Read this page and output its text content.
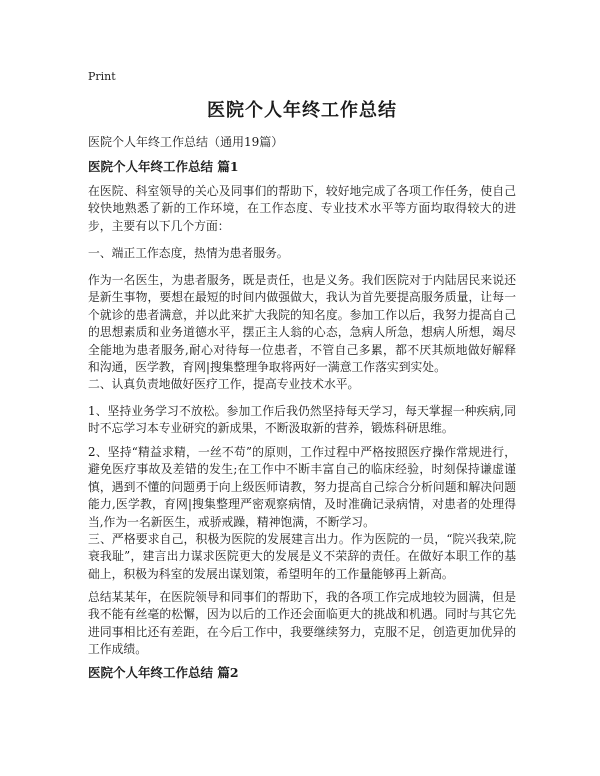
Print
医院个人年终工作总结
医院个人年终工作总结（通用19篇）

医院个人年终工作总结 篇1

在医院、科室领导的关心及同事们的帮助下，较好地完成了各项工作任务，使自己较快地熟悉了新的工作环境，在工作态度、专业技术水平等方面均取得较大的进步，主要有以下几个方面：

一、端正工作态度，热情为患者服务。

作为一名医生，为患者服务，既是责任，也是义务。我们医院对于内陆居民来说还是新生事物，要想在最短的时间内做强做大，我认为首先要提高服务质量，让每一个就诊的患者满意，并以此来扩大我院的知名度。参加工作以后，我努力提高自己的思想素质和业务道德水平，摆正主人翁的心态，急病人所急，想病人所想，竭尽全能地为患者服务,耐心对待每一位患者，不管自己多累，都不厌其烦地做好解释和沟通，医学教，育网|搜集整理争取将两好一满意工作落实到实处。

二、认真负责地做好医疗工作，提高专业技术水平。

1、坚持业务学习不放松。参加工作后我仍然坚持每天学习，每天掌握一种疾病,同时不忘学习本专业研究的新成果，不断汲取新的营养，锻炼科研思维。

2、坚持“精益求精，一丝不苟”的原则，工作过程中严格按照医疗操作常规进行，避免医疗事故及差错的发生;在工作中不断丰富自己的临床经验，时刻保持谦虚谨慎，遇到不懂的问题勇于向上级医师请教，努力提高自己综合分析问题和解决问题能力,医学教，育网|搜集整理严密观察病情，及时准确记录病情，对患者的处理得当,作为一名新医生，戒骄戒躁，精神饱满，不断学习。

三、严格要求自己，积极为医院的发展建言出力。作为医院的一员，“院兴我荣,院衰我耻”，建言出力谋求医院更大的发展是义不荣辞的责任。在做好本职工作的基础上，积极为科室的发展出谋划策，希望明年的工作量能够再上新高。

总结某某年，在医院领导和同事们的帮助下，我的各项工作完成地较为圆满，但是我不能有丝毫的松懈，因为以后的工作还会面临更大的挑战和机遇。同时与其它先进同事相比还有差距，在今后工作中，我要继续努力，克服不足，创造更加优异的工作成绩。

医院个人年终工作总结 篇2
